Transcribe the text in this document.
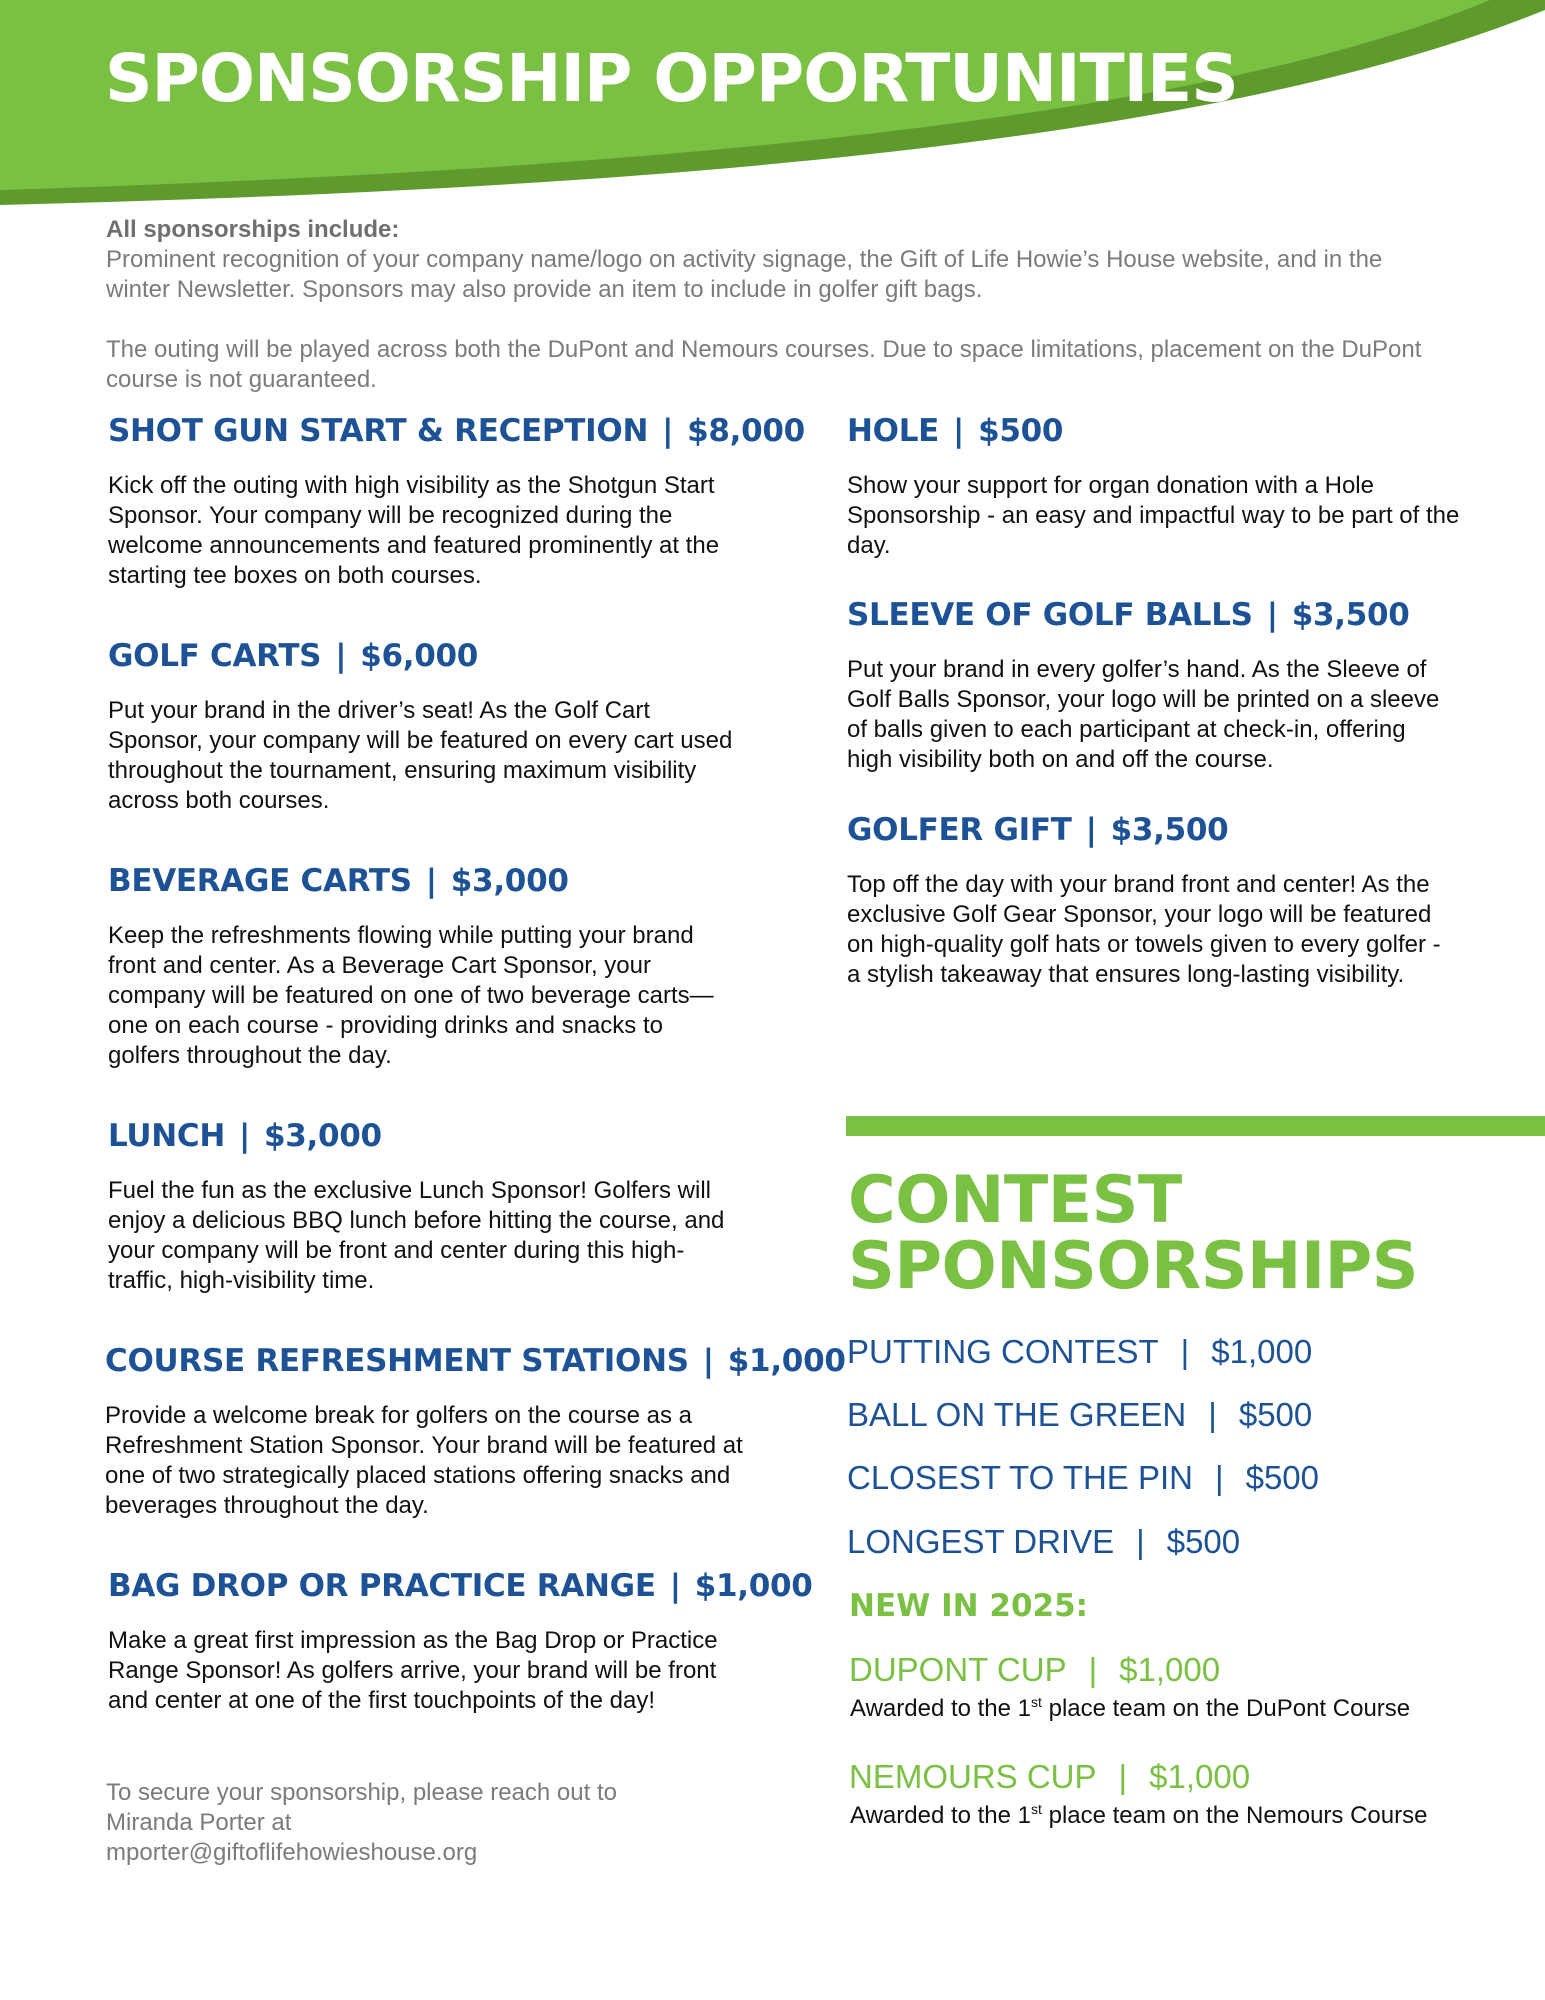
SPONSORSHIP OPPORTUNITIES

All sponsorships include:

Prominent recognition of your company name/logo on activity signage, the Gift of Life Howie’s House website, and in the winter Newsletter. Sponsors may also provide an item to include in golfer gift bags.

The outing will be played across both the DuPont and Nemours courses. Due to space limitations, placement on the DuPont course is not guaranteed.

SHOT GUN START & RECEPTION | $8,000
Kick off the outing with high visibility as the Shotgun Start Sponsor. Your company will be recognized during the welcome announcements and featured prominently at the starting tee boxes on both courses.
GOLF CARTS | $6,000
Put your brand in the driver’s seat! As the Golf Cart Sponsor, your company will be featured on every cart used throughout the tournament, ensuring maximum visibility across both courses.
BEVERAGE CARTS | $3,000
Keep the refreshments flowing while putting your brand front and center. As a Beverage Cart Sponsor, your company will be featured on one of two beverage carts—one on each course - providing drinks and snacks to golfers throughout the day.
LUNCH | $3,000
Fuel the fun as the exclusive Lunch Sponsor! Golfers will enjoy a delicious BBQ lunch before hitting the course, and your company will be front and center during this high-traffic, high-visibility time.
COURSE REFRESHMENT STATIONS | $1,000
Provide a welcome break for golfers on the course as a Refreshment Station Sponsor. Your brand will be featured at one of two strategically placed stations offering snacks and beverages throughout the day.
BAG DROP OR PRACTICE RANGE | $1,000
Make a great first impression as the Bag Drop or Practice Range Sponsor! As golfers arrive, your brand will be front and center at one of the first touchpoints of the day!
To secure your sponsorship, please reach out to Miranda Porter at mporter@giftoflifehowieshouse.org
HOLE | $500
Show your support for organ donation with a Hole Sponsorship - an easy and impactful way to be part of the day.
SLEEVE OF GOLF BALLS | $3,500
Put your brand in every golfer’s hand. As the Sleeve of Golf Balls Sponsor, your logo will be printed on a sleeve of balls given to each participant at check-in, offering high visibility both on and off the course.
GOLFER GIFT | $3,500
Top off the day with your brand front and center! As the exclusive Golf Gear Sponsor, your logo will be featured on high-quality golf hats or towels given to every golfer - a stylish takeaway that ensures long-lasting visibility.
CONTEST
SPONSORSHIPS
PUTTING CONTEST | $1,000
BALL ON THE GREEN | $500
CLOSEST TO THE PIN | $500
LONGEST DRIVE | $500
NEW IN 2025:
DUPONT CUP | $1,000
Awarded to the 1st place team on the DuPont Course
NEMOURS CUP | $1,000
Awarded to the 1st place team on the Nemours Course
